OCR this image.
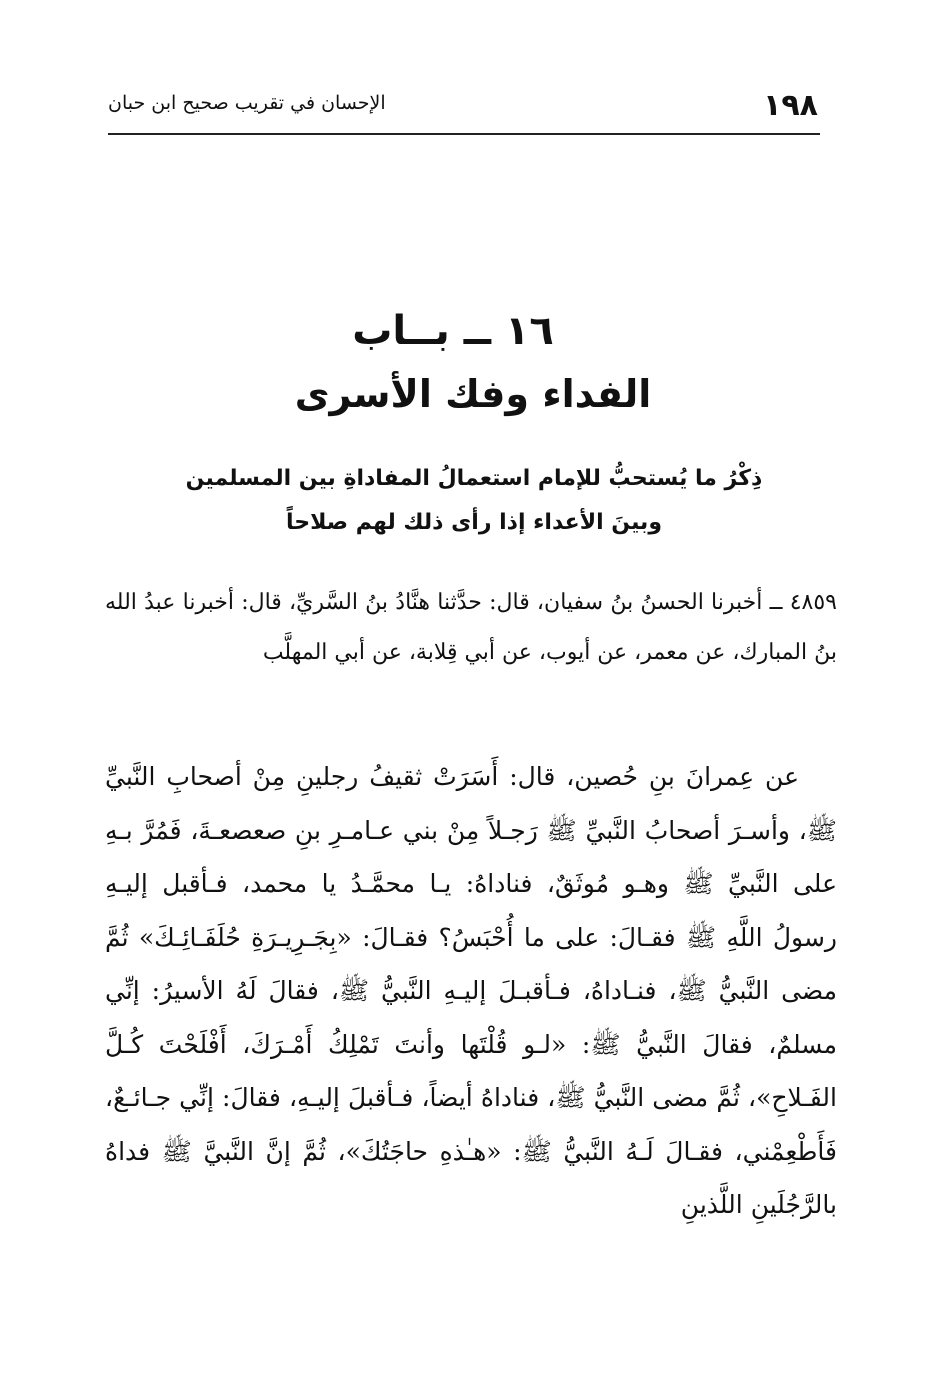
١٩٨
الإحسان في تقريب صحيح ابن حبان
١٦ ــ بــاب
الفداء وفك الأسرى
ذِكْرُ ما يُستحبُّ للإمام استعمالُ المفاداةِ بين المسلمين
وبينَ الأعداء إذا رأى ذلك لهم صلاحاً

٤٨٥٩ ــ أخبرنا الحسنُ بنُ سفيان، قال: حدَّثنا هنَّادُ بنُ السَّريِّ، قال: أخبرنا عبدُ الله بنُ المبارك، عن معمر، عن أيوب، عن أبي قِلابة، عن أبي المهلَّب

عن عِمرانَ بنِ حُصين، قال: أَسَرَتْ ثقيفُ رجلينِ مِنْ أصحابِ النَّبيِّ ﷺ، وأسـرَ أصحابُ النَّبيِّ ﷺ رَجـلاً مِنْ بني عـامـرِ بنِ صعصعـةَ، فَمُرَّ بـهِ على النَّبيِّ ﷺ وهـو مُوثَقٌ، فناداهُ: يـا محمَّـدُ يا محمد، فـأقبل إليـهِ رسولُ اللَّهِ ﷺ فقـالَ: على ما أُحْبَسُ؟ فقـالَ: «بِجَـرِيـرَةِ حُلَفَـائِـكَ» ثُمَّ مضى النَّبيُّ ﷺ، فنـاداهُ، فـأقبـلَ إليـهِ النَّبيُّ ﷺ، فقالَ لَهُ الأسيرُ: إنِّي مسلمٌ، فقالَ النَّبيُّ ﷺ: «لـو قُلْتَها وأنتَ تَمْلِكُ أَمْـرَكَ، أَفْلَحْتَ كُـلَّ الفَـلاحِ»، ثُمَّ مضى النَّبيُّ ﷺ، فناداهُ أيضاً، فـأقبلَ إليـهِ، فقالَ: إنِّي جـائـعٌ، فَأَطْعِمْني، فقـالَ لَـهُ النَّبيُّ ﷺ: «هـٰذهِ حاجَتُكَ»، ثُمَّ إنَّ النَّبيَّ ﷺ فداهُ بالرَّجُلَينِ اللَّذينِ
